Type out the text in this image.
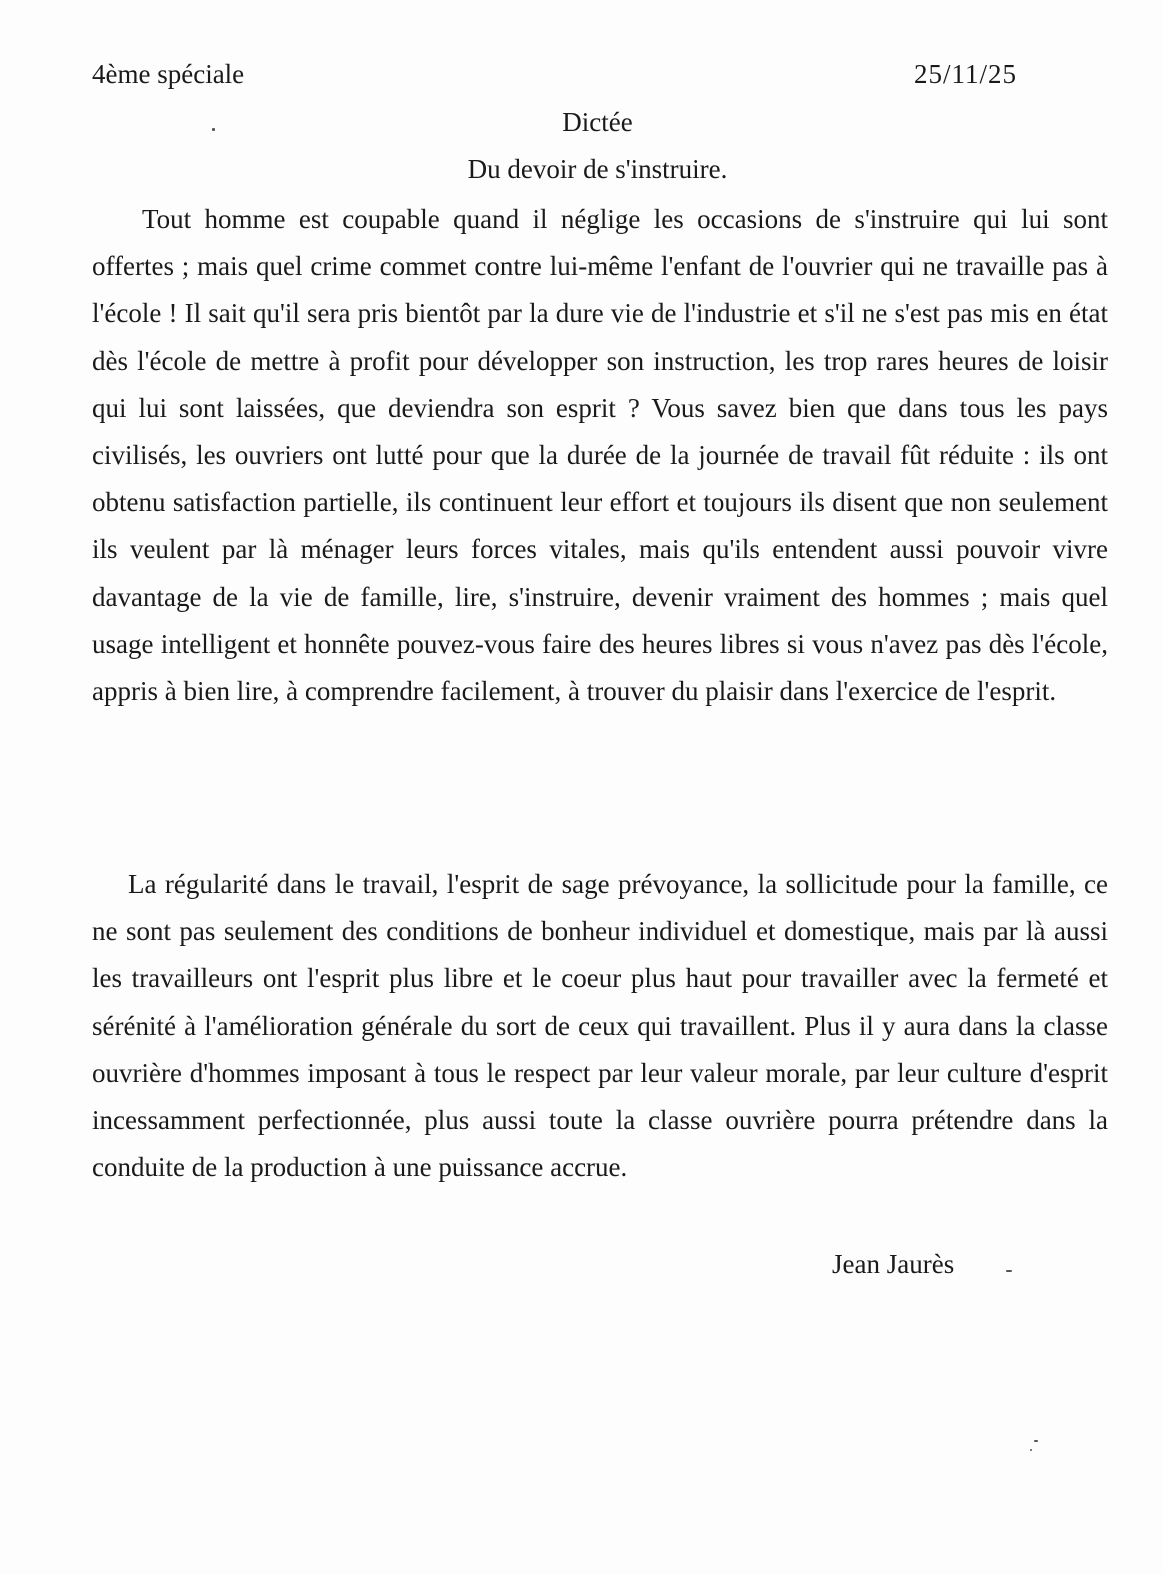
4ème spéciale	25/11/25
Dictée
Du devoir de s'instruire.

Tout homme est coupable quand il néglige les occasions de s'instruire qui lui sont offertes ; mais quel crime commet contre lui-même l'enfant de l'ouvrier qui ne travaille pas à l'école ! Il sait qu'il sera pris bientôt par la dure vie de l'industrie et s'il ne s'est pas mis en état dès l'école de mettre à profit pour développer son instruction, les trop rares heures de loisir qui lui sont laissées, que deviendra son esprit ? Vous savez bien que dans tous les pays civilisés, les ouvriers ont lutté pour que la durée de la journée de travail fût réduite : ils ont obtenu satisfaction partielle, ils continuent leur effort et toujours ils disent que non seulement ils veulent par là ménager leurs forces vitales, mais qu'ils entendent aussi pouvoir vivre davantage de la vie de famille, lire, s'instruire, devenir vraiment des hommes ; mais quel usage intelligent et honnête pouvez-vous faire des heures libres si vous n'avez pas dès l'école, appris à bien lire, à comprendre facilement, à trouver du plaisir dans l'exercice de l'esprit.

La régularité dans le travail, l'esprit de sage prévoyance, la sollicitude pour la famille, ce ne sont pas seulement des conditions de bonheur individuel et domestique, mais par là aussi les travailleurs ont l'esprit plus libre et le coeur plus haut pour travailler avec la fermeté et sérénité à l'amélioration générale du sort de ceux qui travaillent. Plus il y aura dans la classe ouvrière d'hommes imposant à tous le respect par leur valeur morale, par leur culture d'esprit incessamment perfectionnée, plus aussi toute la classe ouvrière pourra prétendre dans la conduite de la production à une puissance accrue.

Jean Jaurès
